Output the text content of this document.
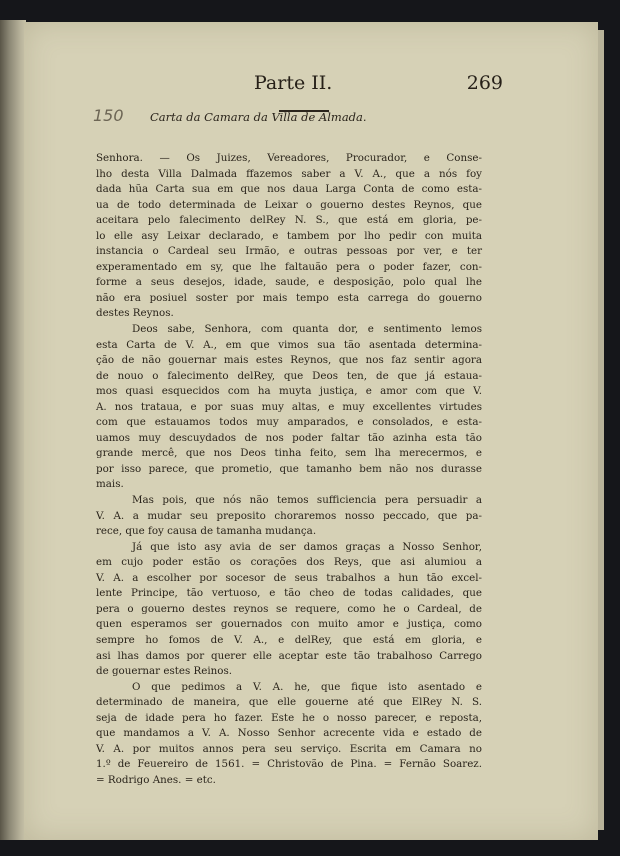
Parte II.	269
150 Carta da Camara da Villa de Almada.

Senhora. — Os Juizes, Vereadores, Procurador, e Conse-
lho desta Villa Dalmada ffazemos saber a V. A., que a nós foy
dada hũa Carta sua em que nos daua Larga Conta de como esta-
ua de todo determinada de Leixar o gouerno destes Reynos, que
aceitara pelo falecimento delRey N. S., que está em gloria, pe-
lo elle asy Leixar declarado, e tambem por lho pedir con muita
instancia o Cardeal seu Irmão, e outras pessoas por ver, e ter
experamentado em sy, que lhe faltauão pera o poder fazer, con-
forme a seus desejos, idade, saude, e desposição, polo qual lhe
não era posiuel soster por mais tempo esta carrega do gouerno
destes Reynos.

Deos sabe, Senhora, com quanta dor, e sentimento lemos
esta Carta de V. A., em que vimos sua tão asentada determina-
ção de não gouernar mais estes Reynos, que nos faz sentir agora
de nouo o falecimento delRey, que Deos ten, de que já estaua-
mos quasi esquecidos com ha muyta justiça, e amor com que V.
A. nos trataua, e por suas muy altas, e muy excellentes virtudes
com que estauamos todos muy amparados, e consolados, e esta-
uamos muy descuydados de nos poder faltar tão azinha esta tão
grande mercê, que nos Deos tinha feito, sem lha merecermos, e
por isso parece, que prometio, que tamanho bem não nos durasse
mais.

Mas pois, que nós não temos sufficiencia pera persuadir a
V. A. a mudar seu preposito choraremos nosso peccado, que pa-
rece, que foy causa de tamanha mudança.

Já que isto asy avia de ser damos graças a Nosso Senhor,
em cujo poder estão os corações dos Reys, que asi alumiou a
V. A. a escolher por socesor de seus trabalhos a hun tão excel-
lente Principe, tão vertuoso, e tão cheo de todas calidades, que
pera o gouerno destes reynos se requere, como he o Cardeal, de
quen esperamos ser gouernados con muito amor e justiça, como
sempre ho fomos de V. A., e delRey, que está em gloria, e
asi lhas damos por querer elle aceptar este tão trabalhoso Carrego
de gouernar estes Reinos.

O que pedimos a V. A. he, que fique isto asentado e
determinado de maneira, que elle gouerne até que ElRey N. S.
seja de idade pera ho fazer. Este he o nosso parecer, e reposta,
que mandamos a V. A. Nosso Senhor acrecente vida e estado de
V. A. por muitos annos pera seu serviço. Escrita em Camara no
1.º de Feuereiro de 1561. = Christovão de Pina. = Fernão Soarez.
= Rodrigo Anes. = etc.
